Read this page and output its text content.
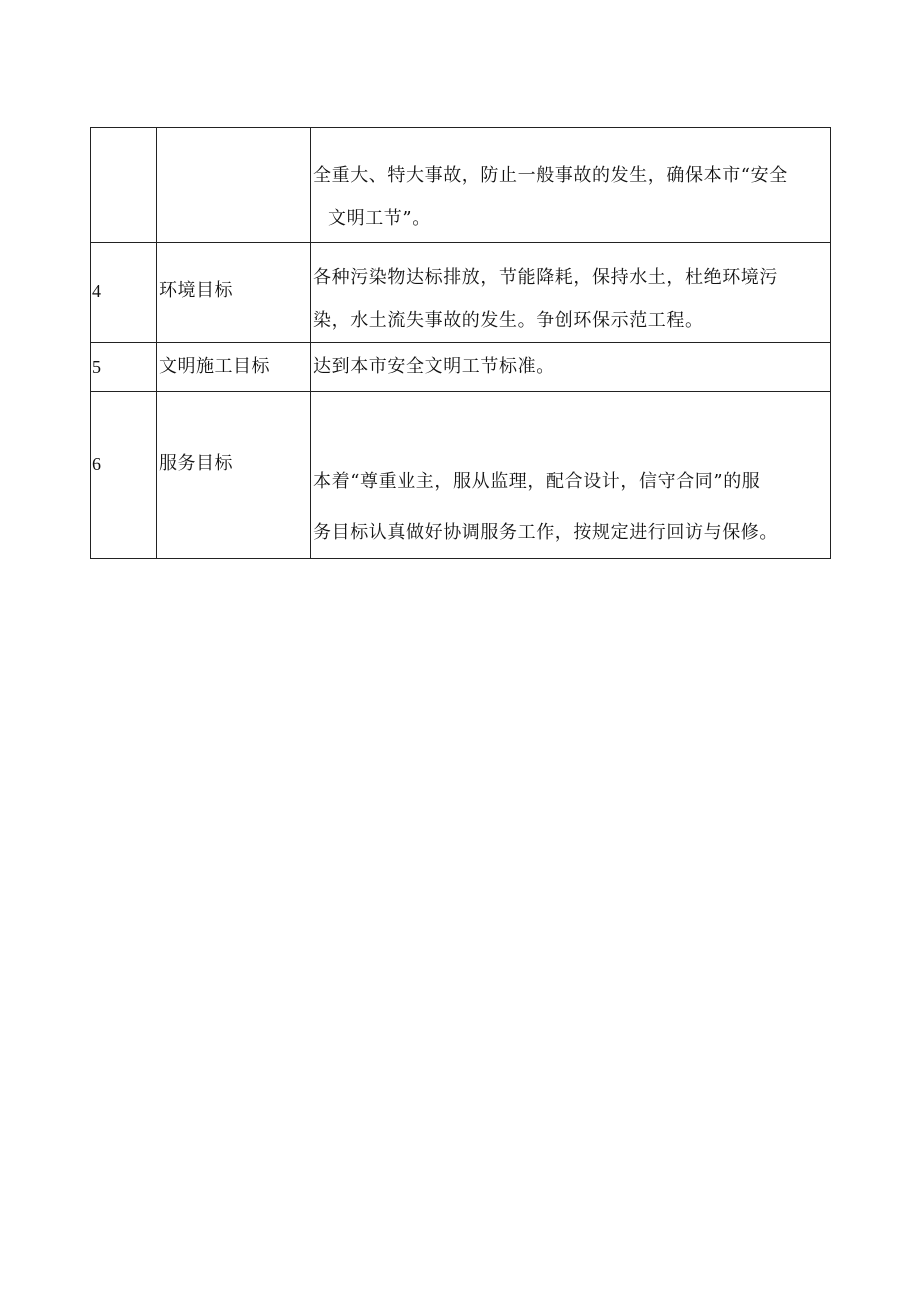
		全重大、特大事故，防止一般事故的发生，确保本市“安全
文明工节”。

4	环境目标	各种污染物达标排放，节能降耗，保持水土，杜绝环境污
染，水土流失事故的发生。争创环保示范工程。

5	文明施工目标	达到本市安全文明工节标准。

6	服务目标	本着“尊重业主，服从监理，配合设计，信守合同”的服
务目标认真做好协调服务工作，按规定进行回访与保修。
